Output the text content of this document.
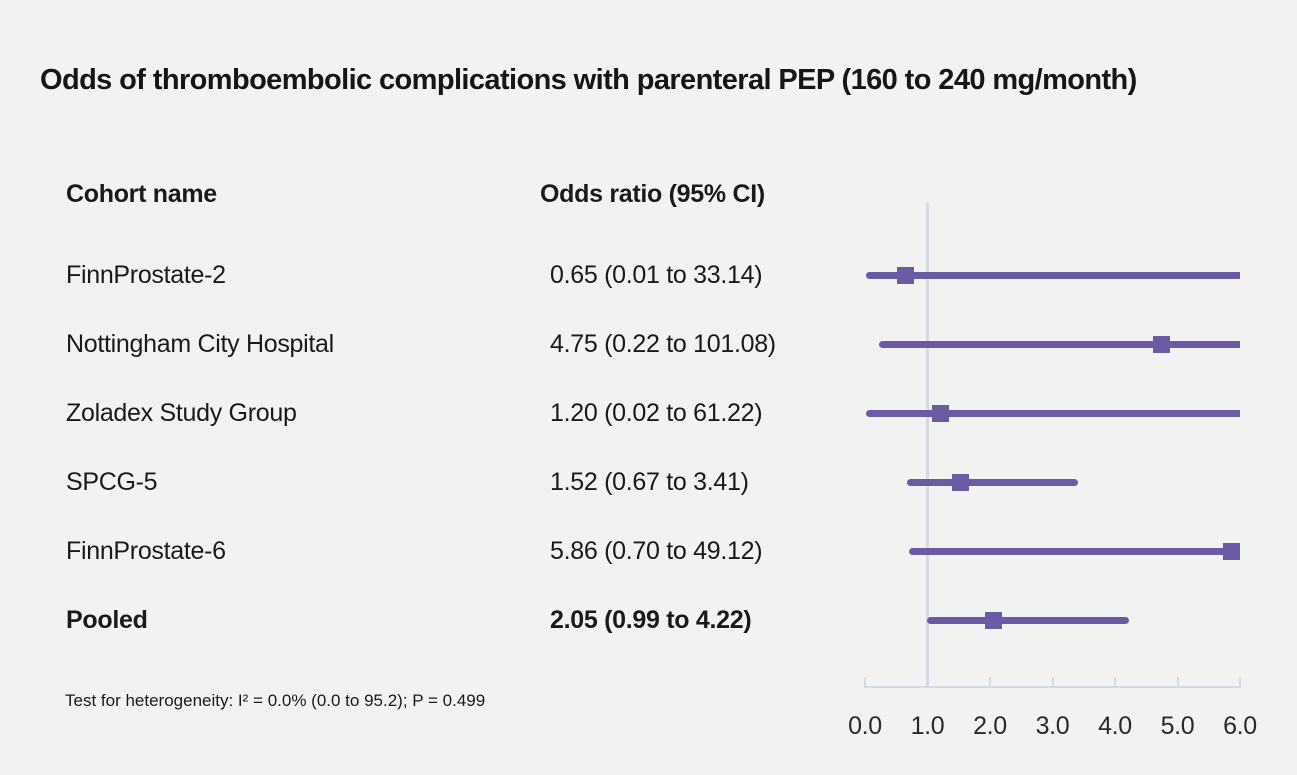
Odds of thromboembolic complications with parenteral PEP (160 to 240 mg/month)
Cohort name	Odds ratio (95% CI)
FinnProstate-2	0.65 (0.01 to 33.14)
Nottingham City Hospital	4.75 (0.22 to 101.08)
Zoladex Study Group	1.20 (0.02 to 61.22)
SPCG-5	1.52 (0.67 to 3.41)
FinnProstate-6	5.86 (0.70 to 49.12)
Pooled	2.05 (0.99 to 4.22)
0.0	1.0	2.0	3.0	4.0	5.0	6.0
Test for heterogeneity: I² = 0.0% (0.0 to 95.2); P = 0.499
